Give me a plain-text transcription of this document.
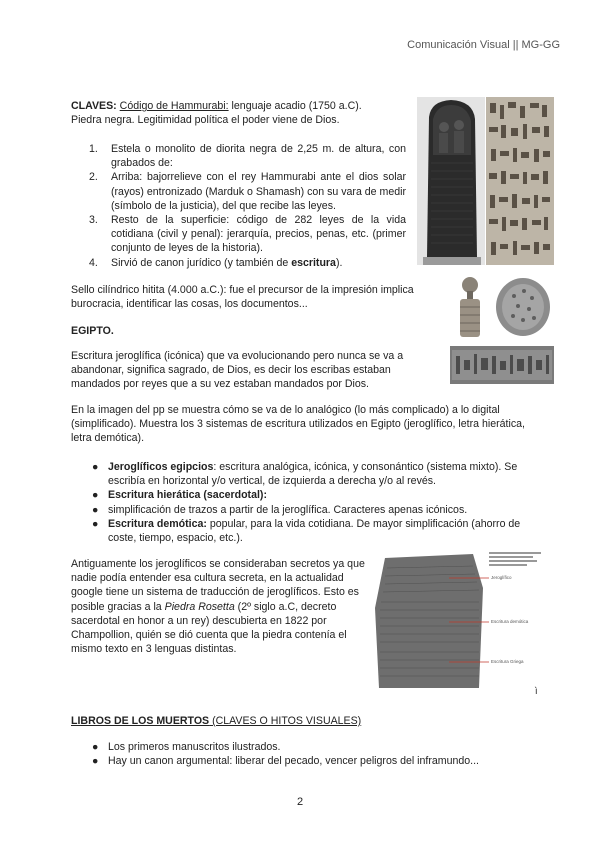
Comunicación Visual || MG-GG
CLAVES: Código de Hammurabi: lenguaje acadio (1750 a.C).
Piedra negra. Legitimidad política el poder viene de Dios.
1. Estela o monolito de diorita negra de 2,25 m. de altura, con grabados de:
2. Arriba: bajorrelieve con el rey Hammurabi ante el dios solar (rayos) entronizado (Marduk o Shamash) con su vara de medir (símbolo de la justicia), del que recibe las leyes.
3. Resto de la superficie: código de 282 leyes de la vida cotidiana (civil y penal): jerarquía, precios, penas, etc. (primer conjunto de leyes de la historia).
4. Sirvió de canon jurídico (y también de escritura).
Sello cilíndrico hitita (4.000 a.C.): fue el precursor de la impresión implica burocracia, identificar las cosas, los documentos...
EGIPTO.
Escritura jeroglífica (icónica) que va evolucionando pero nunca se va a abandonar, significa sagrado, de Dios, es decir los escribas estaban mandados por reyes que a su vez estaban mandados por Dios.
En la imagen del pp se muestra cómo se va de lo analógico (lo más complicado) a lo digital (simplificado). Muestra los 3 sistemas de escritura utilizados en Egipto (jeroglífico, letra hierática, letra demótica).
● Jeroglíficos egipcios: escritura analógica, icónica, y consonántico (sistema mixto). Se escribía en horizontal y/o vertical, de izquierda a derecha y/o al revés.
● Escritura hierática (sacerdotal):
● simplificación de trazos a partir de la jeroglífica. Caracteres apenas icónicos.
● Escritura demótica: popular, para la vida cotidiana. De mayor simplificación (ahorro de coste, tiempo, espacio, etc.).
Antiguamente los jeroglíficos se consideraban secretos ya que nadie podía entender esa cultura secreta, en la actualidad google tiene un sistema de traducción de jeroglíficos. Esto es posible gracias a la Piedra Rosetta (2º siglo a.C, decreto sacerdotal en honor a un rey) descubierta en 1822 por Champollion, quién se dió cuenta que la piedra contenía el mismo texto en 3 lenguas distintas.
ì
Jeroglífico
Escritura demótica
Escritura Griega
LIBROS DE LOS MUERTOS (CLAVES O HITOS VISUALES)
● Los primeros manuscritos ilustrados.
● Hay un canon argumental: liberar del pecado, vencer peligros del inframundo...
2
